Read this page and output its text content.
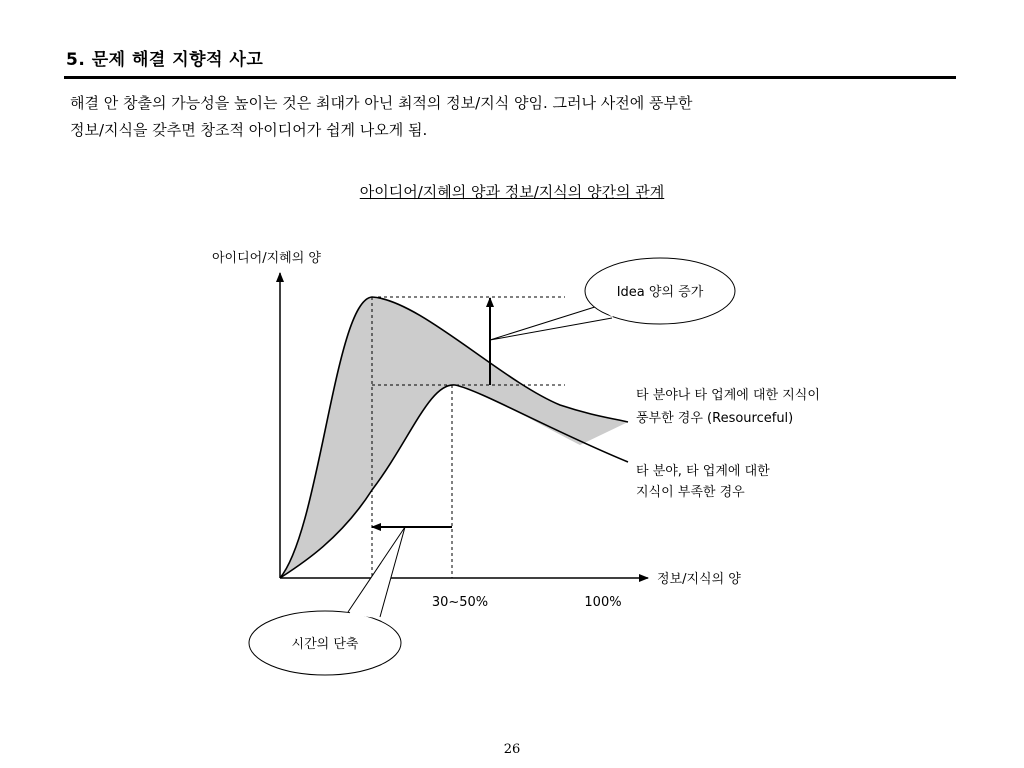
5. 문제 해결 지향적 사고
해결 안 창출의 가능성을 높이는 것은 최대가 아닌 최적의 정보/지식 양임. 그러나 사전에 풍부한
정보/지식을 갖추면 창조적 아이디어가 쉽게 나오게 됨.
아이디어/지혜의 양과 정보/지식의 양간의 관계
Idea 양의 증가
시간의 단축
아이디어/지혜의 양
정보/지식의 양
30~50%	100%
타 분야나 타 업계에 대한 지식이
풍부한 경우 (Resourceful)
타 분야, 타 업계에 대한
지식이 부족한 경우
26
